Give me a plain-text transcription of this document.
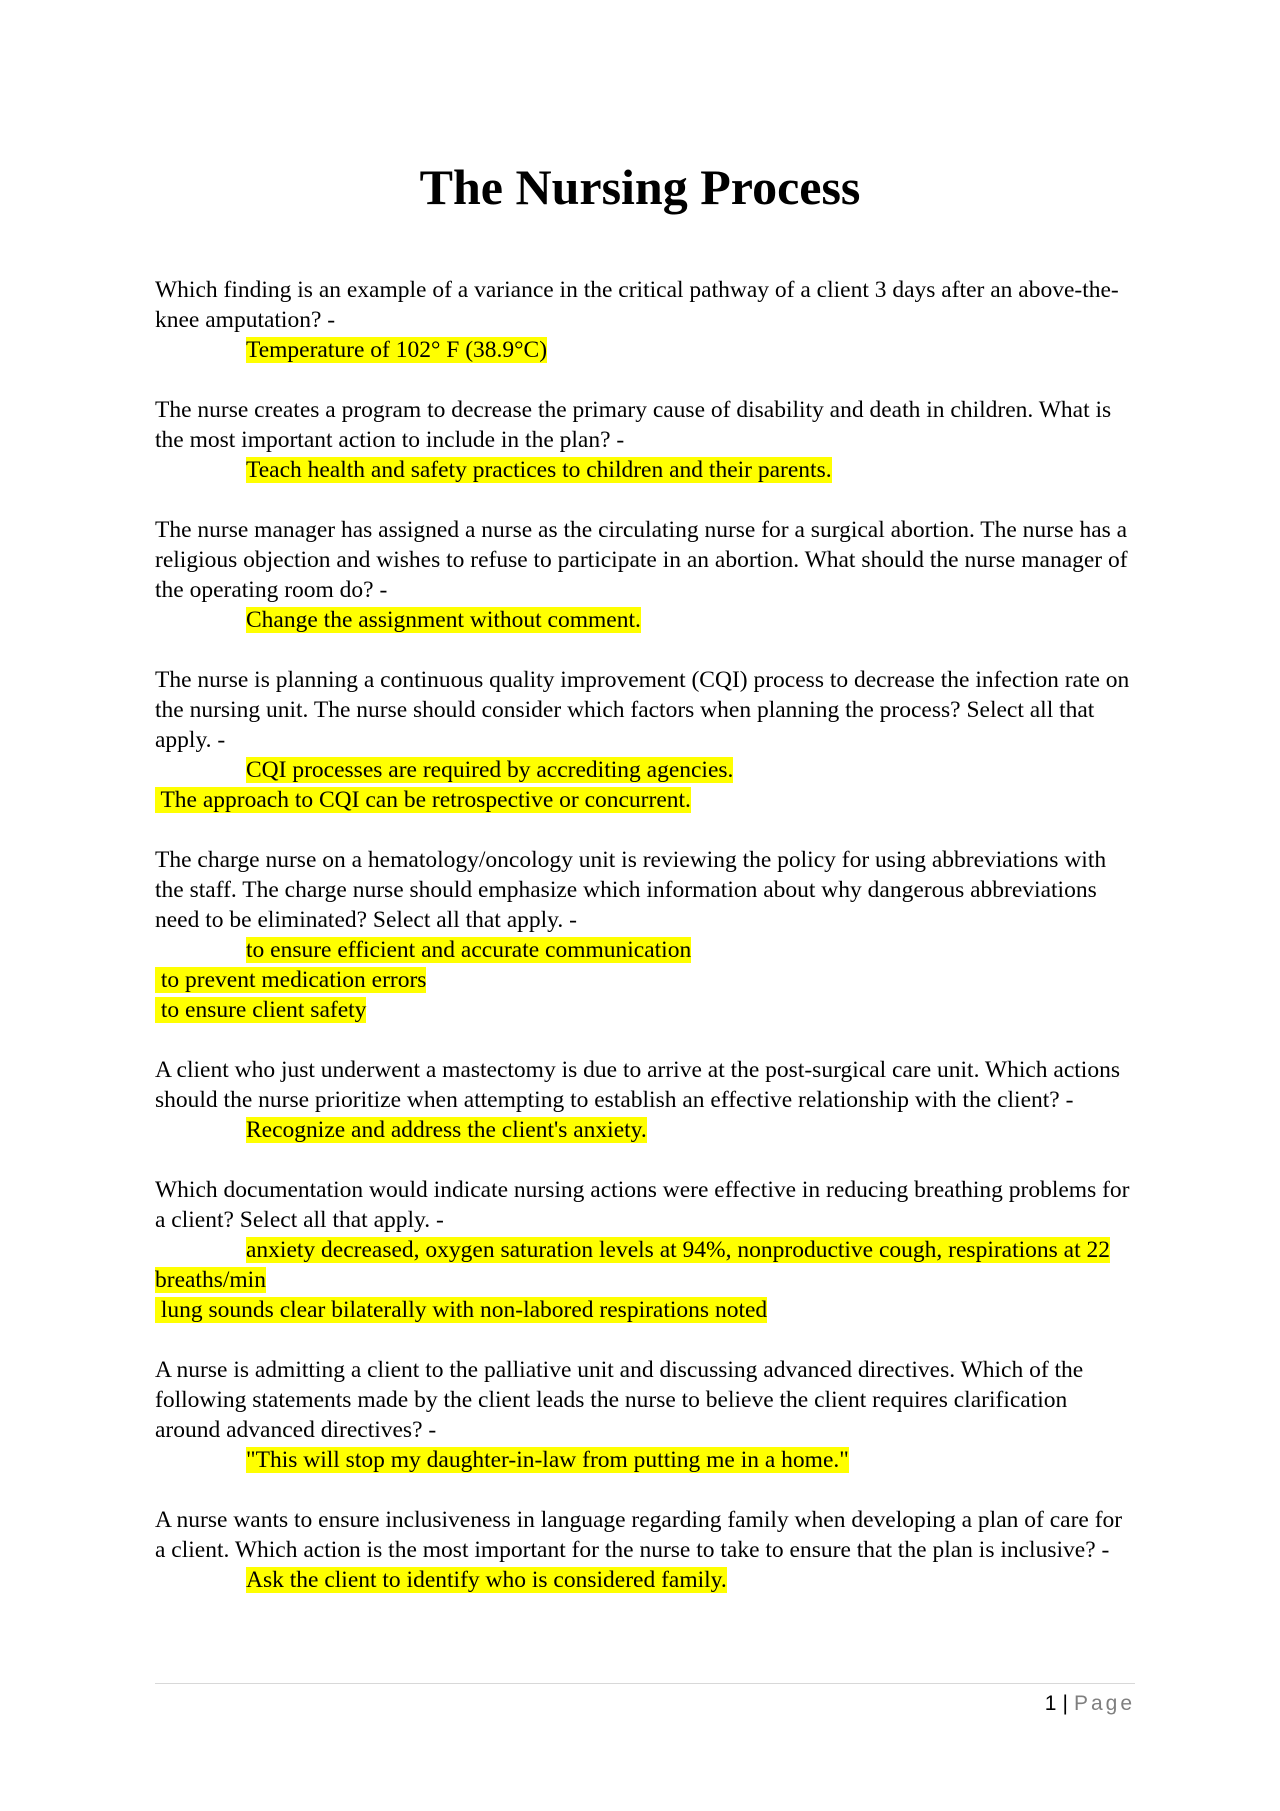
The Nursing Process

Which finding is an example of a variance in the critical pathway of a client 3 days after an above-the-knee amputation? -

Temperature of 102° F (38.9°C)

The nurse creates a program to decrease the primary cause of disability and death in children. What is the most important action to include in the plan? -

Teach health and safety practices to children and their parents.

The nurse manager has assigned a nurse as the circulating nurse for a surgical abortion. The nurse has a religious objection and wishes to refuse to participate in an abortion. What should the nurse manager of the operating room do? -

Change the assignment without comment.

The nurse is planning a continuous quality improvement (CQI) process to decrease the infection rate on the nursing unit. The nurse should consider which factors when planning the process? Select all that apply. -

CQI processes are required by accrediting agencies.

The approach to CQI can be retrospective or concurrent.

The charge nurse on a hematology/oncology unit is reviewing the policy for using abbreviations with the staff. The charge nurse should emphasize which information about why dangerous abbreviations need to be eliminated? Select all that apply. -

to ensure efficient and accurate communication

to prevent medication errors

to ensure client safety

A client who just underwent a mastectomy is due to arrive at the post-surgical care unit. Which actions should the nurse prioritize when attempting to establish an effective relationship with the client? -

Recognize and address the client's anxiety.

Which documentation would indicate nursing actions were effective in reducing breathing problems for a client? Select all that apply. -

anxiety decreased, oxygen saturation levels at 94%, nonproductive cough, respirations at 22 breaths/min

lung sounds clear bilaterally with non-labored respirations noted

A nurse is admitting a client to the palliative unit and discussing advanced directives. Which of the following statements made by the client leads the nurse to believe the client requires clarification around advanced directives? -

"This will stop my daughter-in-law from putting me in a home."

A nurse wants to ensure inclusiveness in language regarding family when developing a plan of care for a client. Which action is the most important for the nurse to take to ensure that the plan is inclusive? -

Ask the client to identify who is considered family.

1 | Page
